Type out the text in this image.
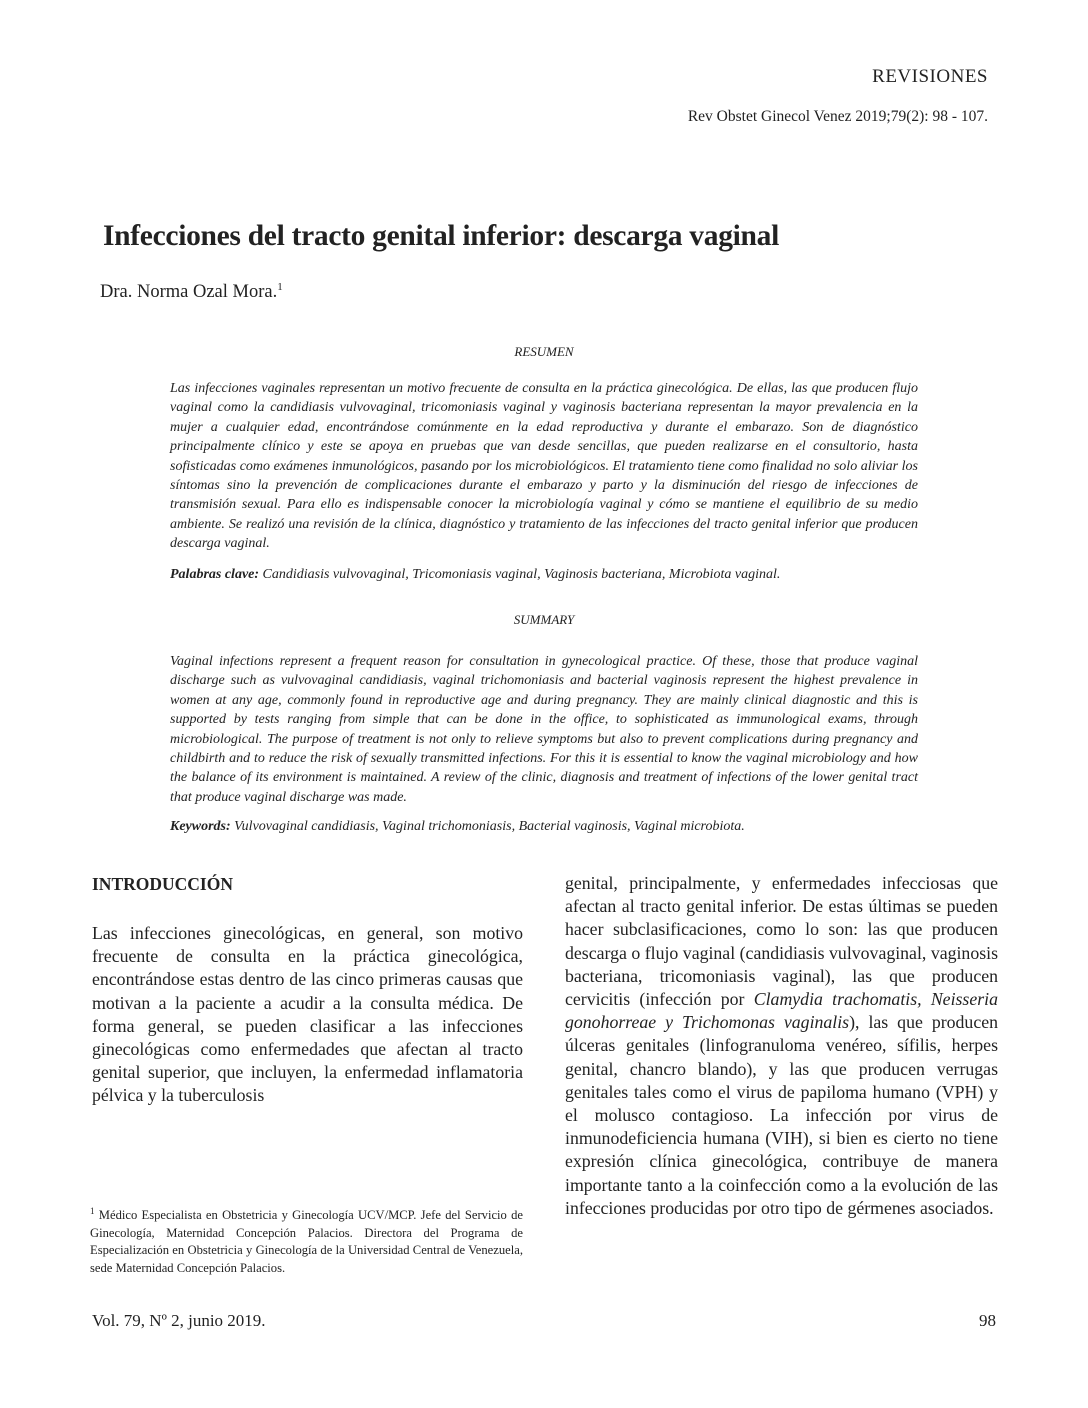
REVISIONES
Rev Obstet Ginecol Venez 2019;79(2): 98 - 107.
Infecciones del tracto genital inferior: descarga vaginal
Dra. Norma Ozal Mora.$^1$
RESUMEN

Las infecciones vaginales representan un motivo frecuente de consulta en la práctica ginecológica. De ellas, las que producen flujo vaginal como la candidiasis vulvovaginal, tricomoniasis vaginal y vaginosis bacteriana representan la mayor prevalencia en la mujer a cualquier edad, encontrándose comúnmente en la edad reproductiva y durante el embarazo. Son de diagnóstico principalmente clínico y este se apoya en pruebas que van desde sencillas, que pueden realizarse en el consultorio, hasta sofisticadas como exámenes inmunológicos, pasando por los microbiológicos. El tratamiento tiene como finalidad no solo aliviar los síntomas sino la prevención de complicaciones durante el embarazo y parto y la disminución del riesgo de infecciones de transmisión sexual. Para ello es indispensable conocer la microbiología vaginal y cómo se mantiene el equilibrio de su medio ambiente. Se realizó una revisión de la clínica, diagnóstico y tratamiento de las infecciones del tracto genital inferior que producen descarga vaginal.

Palabras clave: Candidiasis vulvovaginal, Tricomoniasis vaginal, Vaginosis bacteriana, Microbiota vaginal.
SUMMARY

Vaginal infections represent a frequent reason for consultation in gynecological practice. Of these, those that produce vaginal discharge such as vulvovaginal candidiasis, vaginal trichomoniasis and bacterial vaginosis represent the highest prevalence in women at any age, commonly found in reproductive age and during pregnancy. They are mainly clinical diagnostic and this is supported by tests ranging from simple that can be done in the office, to sophisticated as immunological exams, through microbiological. The purpose of treatment is not only to relieve symptoms but also to prevent complications during pregnancy and childbirth and to reduce the risk of sexually transmitted infections. For this it is essential to know the vaginal microbiology and how the balance of its environment is maintained. A review of the clinic, diagnosis and treatment of infections of the lower genital tract that produce vaginal discharge was made.

Keywords: Vulvovaginal candidiasis, Vaginal trichomoniasis, Bacterial vaginosis, Vaginal microbiota.
INTRODUCCIÓN

Las infecciones ginecológicas, en general, son motivo frecuente de consulta en la práctica ginecológica, encontrándose estas dentro de las cinco primeras causas que motivan a la paciente a acudir a la consulta médica. De forma general, se pueden clasificar a las infecciones ginecológicas como enfermedades que afectan al tracto genital superior, que incluyen, la enfermedad inflamatoria pélvica y la tuberculosis

genital, principalmente, y enfermedades infecciosas que afectan al tracto genital inferior. De estas últimas se pueden hacer subclasificaciones, como lo son: las que producen descarga o flujo vaginal (candidiasis vulvovaginal, vaginosis bacteriana, tricomoniasis vaginal), las que producen cervicitis (infección por Clamydia trachomatis, Neisseria gonohorreae y Trichomonas vaginalis), las que producen úlceras genitales (linfogranuloma venéreo, sífilis, herpes genital, chancro blando), y las que producen verrugas genitales tales como el virus de papiloma humano (VPH) y el molusco contagioso. La infección por virus de inmunodeficiencia humana (VIH), si bien es cierto no tiene expresión clínica ginecológica, contribuye de manera importante tanto a la coinfección como a la evolución de las infecciones producidas por otro tipo de gérmenes asociados.

$^1$ Médico Especialista en Obstetricia y Ginecología UCV/MCP. Jefe del Servicio de Ginecología, Maternidad Concepción Palacios. Directora del Programa de Especialización en Obstetricia y Ginecología de la Universidad Central de Venezuela, sede Maternidad Concepción Palacios.

Vol. 79, Nº 2, junio 2019.	98
